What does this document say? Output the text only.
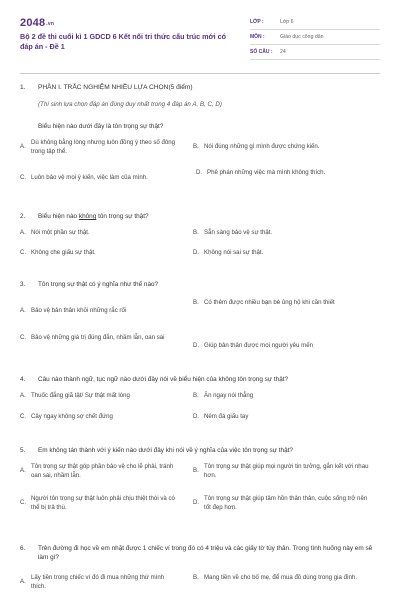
2048.vn
Bộ 2 đề thi cuối kì 1 GDCD 6 Kết nối tri thức cấu trúc mới có đáp án - Đề 1
LỚP :	Lớp 6
MÔN :	Giáo dục công dân
SỐ CÂU :	24
1. PHẦN I. TRẮC NGHIỆM NHIỀU LỰA CHỌN(5 điểm)
(Thí sinh lựa chọn đáp án đúng duy nhất trong 4 đáp án A, B, C, D)
Biểu hiện nào dưới đây là tôn trọng sự thật?
A.
Dù không bằng lòng nhưng luôn đồng ý theo số đông trong tập thể.
B. Nói đúng những gì mình được chứng kiến.
C. Luôn bảo vệ mọi ý kiến, việc làm của mình.
D. Phê phán những việc mà mình không thích.
2.	Biểu hiện nào không tôn trọng sự thật?
A. Nói một phần sự thật.	B. Sẵn sàng bảo vệ sự thật.
C. Không che giấu sự thật.	D. Không nói sai sự thật.
3.	Tôn trọng sự thật có ý nghĩa như thế nào?
A. Bảo vệ bản thân khỏi những rắc rối
B. Có thêm được nhiều bạn bè ủng hộ khi cần thiết
C. Bảo vệ những giá trị đúng đắn, nhầm lẫn, oan sai
D. Giúp bản thân được mọi người yêu mến
4.	Câu nào thành ngữ, tục ngữ nào dưới đây nói về biểu hiện của không tôn trọng sự thật?
A. Thuốc đắng giã tật/ Sự thật mất lòng	B. Ăn ngay nói thẳng
C. Cây ngay không sợ chết đứng	D. Ném đá giấu tay
5.	Em không tán thành với ý kiến nào dưới đây khi nói về ý nghĩa của việc tôn trọng sự thật?
A.
Tôn trọng sự thật góp phần bảo vệ cho lẽ phải, tránh oan sai, nhầm lẫn.
B.
Tôn trọng sự thật giúp mọi người tin tưởng, gắn kết với nhau hơn.
C.
Người tôn trọng sự thật luôn phải chịu thiệt thòi và có thể bị trả thù.
D.
Tôn trọng sự thật giúp tâm hồn thản thản, cuộc sống trở nên tốt đẹp hơn.
6.	Trên đường đi học về em nhặt được 1 chiếc ví trong đó có 4 triệu và các giấy tờ tùy thân. Trong tình huống này em sẽ làm gì?
A.
Lấy tiền trong chiếc ví đó đi mua những thứ mình thích.
B. Mang tiền về cho bố mẹ, để mua đồ dùng trong gia đình.
